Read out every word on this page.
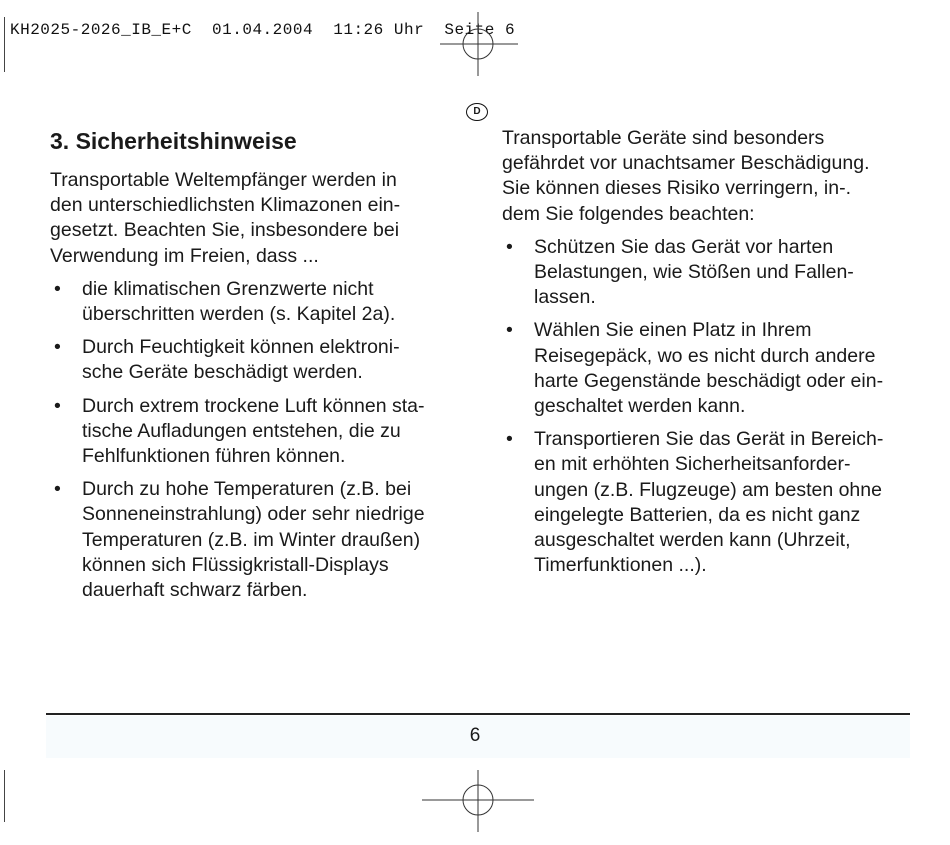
KH2025-2026_IB_E+C  01.04.2004  11:26 Uhr  Seite 6
D
3. Sicherheitshinweise

Transportable Weltempfänger werden in
den unterschiedlichsten Klimazonen ein-
gesetzt. Beachten Sie, insbesondere bei
Verwendung im Freien, dass ...

• die klimatischen Grenzwerte nicht
überschritten werden (s. Kapitel 2a).
• Durch Feuchtigkeit können elektroni-
sche Geräte beschädigt werden.
• Durch extrem trockene Luft können sta-
tische Aufladungen entstehen, die zu
Fehlfunktionen führen können.
• Durch zu hohe Temperaturen (z.B. bei
Sonneneinstrahlung) oder sehr niedrige
Temperaturen (z.B. im Winter draußen)
können sich Flüssigkristall-Displays
dauerhaft schwarz färben.

Transportable Geräte sind besonders
gefährdet vor unachtsamer Beschädigung.
Sie können dieses Risiko verringern, in-.
dem Sie folgendes beachten:

• Schützen Sie das Gerät vor harten
Belastungen, wie Stößen und Fallen-
lassen.
• Wählen Sie einen Platz in Ihrem
Reisegepäck, wo es nicht durch andere
harte Gegenstände beschädigt oder ein-
geschaltet werden kann.
• Transportieren Sie das Gerät in Bereich-
en mit erhöhten Sicherheitsanforder-
ungen (z.B. Flugzeuge) am besten ohne
eingelegte Batterien, da es nicht ganz
ausgeschaltet werden kann (Uhrzeit,
Timerfunktionen ...).
6
